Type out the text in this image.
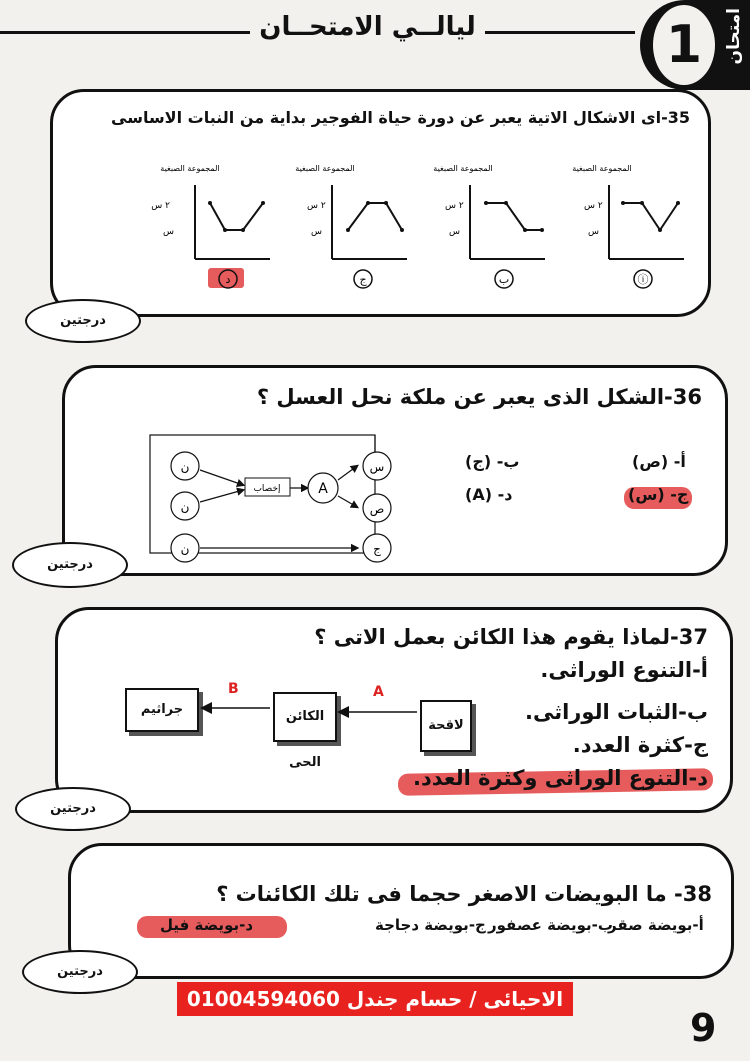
ليالــي الامتحــان	1	امتحان
35-اى الاشكال الاتية يعبر عن دورة حياة الفوجير بداية من النبات الاساسى
المجموعة الصبغية
٢ س
س
المجموعة الصبغية
٢ س
س
المجموعة الصبغية
٢ س
س
المجموعة الصبغية
٢ س
س
د	ج	ب	ⓘ
درجتين
36-الشكل الذى يعبر عن ملكة نحل العسل ؟
ن
ن
ن
إخصاب	A
س
ص
ج
أ- (ص)
ب- (ج)
ج- (س)
د- (A)
درجتين
37-لماذا يقوم هذا الكائن بعمل الاتى ؟
أ-التنوع الوراثى.
ب-الثبات الوراثى.
ج-كثرة العدد.
د-التنوع الوراثى وكثرة العدد.
جراثيم	الكائن الحى
لاقحة
A
B
درجتين
38- ما البويضات الاصغر حجما فى تلك الكائنات ؟
أ-بويضة صقر
ب-بويضة عصفور
ج-بويضة دجاجة
د-بويضة فيل
درجتين
الاحيائى / حسام جندل 01004594060
9
